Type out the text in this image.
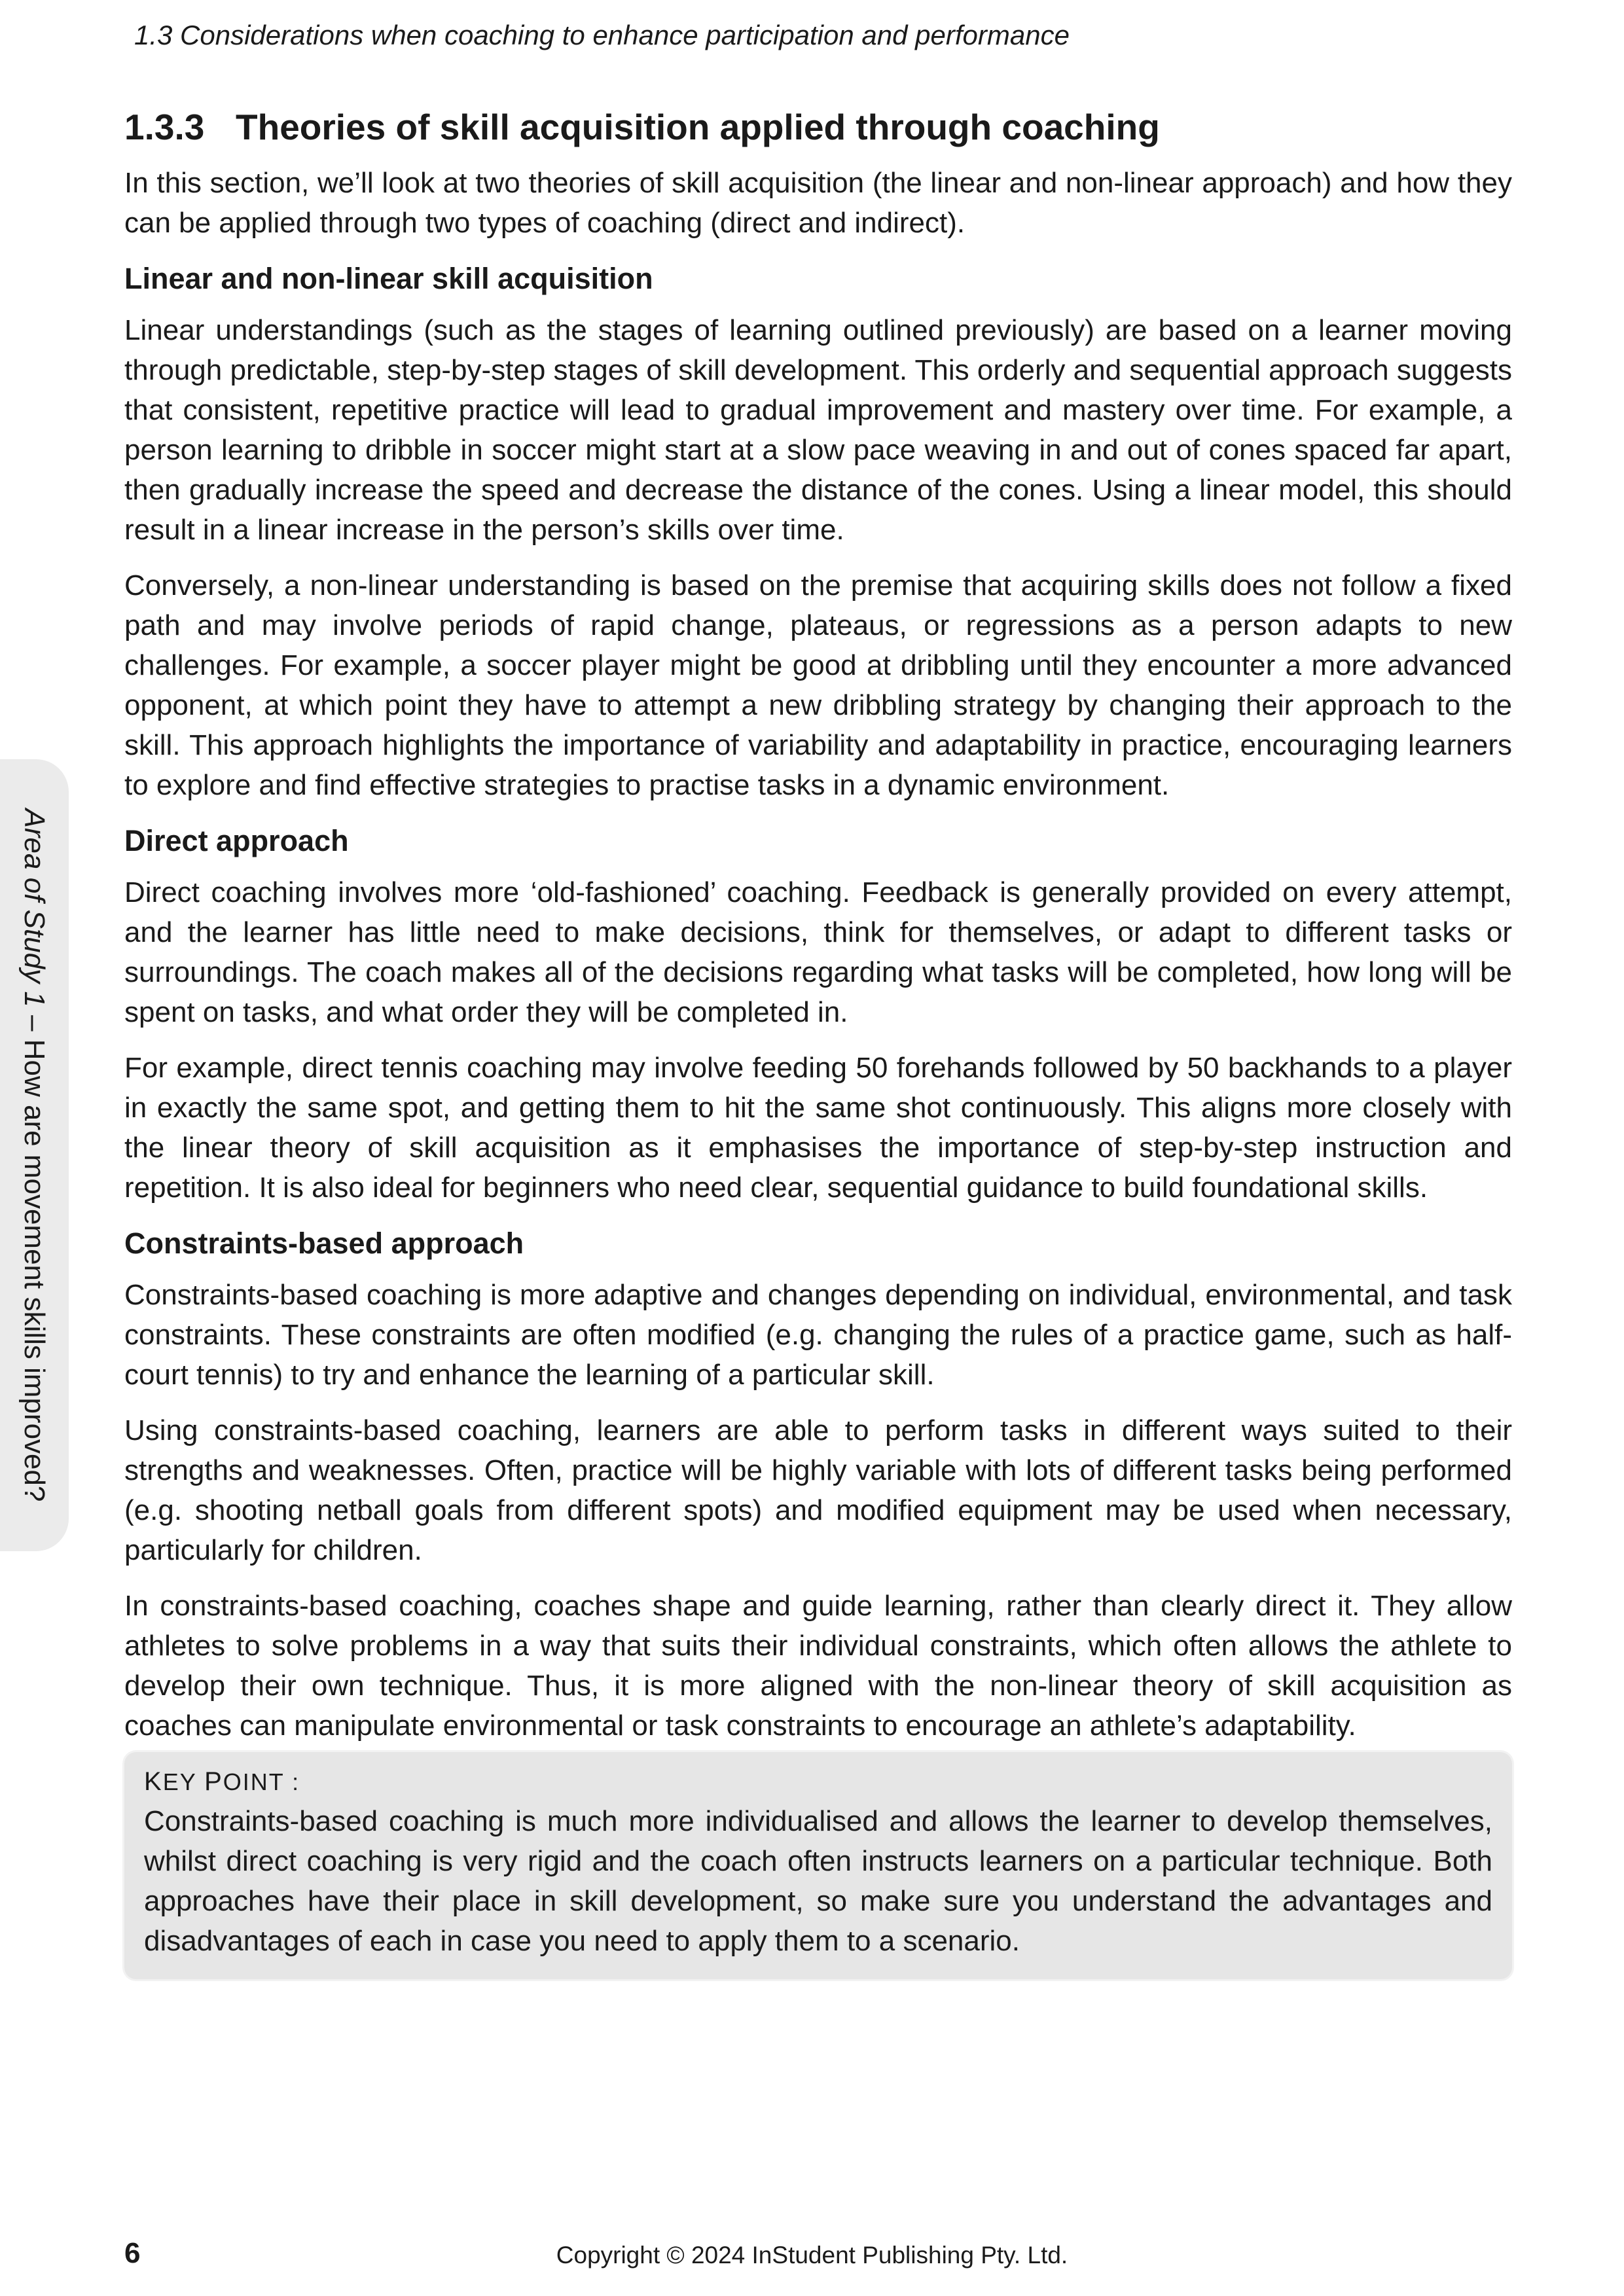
1.3 Considerations when coaching to enhance participation and performance
Area of Study 1 – How are movement skills improved?
1.3.3 Theories of skill acquisition applied through coaching

In this section, we’ll look at two theories of skill acquisition (the linear and non-linear approach) and how they can be applied through two types of coaching (direct and indirect).

Linear and non-linear skill acquisition

Linear understandings (such as the stages of learning outlined previously) are based on a learner moving through predictable, step-by-step stages of skill development. This orderly and sequential approach suggests that consistent, repetitive practice will lead to gradual improvement and mastery over time. For example, a person learning to dribble in soccer might start at a slow pace weaving in and out of cones spaced far apart, then gradually increase the speed and decrease the distance of the cones. Using a linear model, this should result in a linear increase in the person’s skills over time.

Conversely, a non-linear understanding is based on the premise that acquiring skills does not follow a fixed path and may involve periods of rapid change, plateaus, or regressions as a person adapts to new challenges. For example, a soccer player might be good at dribbling until they encounter a more advanced opponent, at which point they have to attempt a new dribbling strategy by changing their approach to the skill. This approach highlights the importance of variability and adaptability in practice, encouraging learners to explore and find effective strategies to practise tasks in a dynamic environment.

Direct approach

Direct coaching involves more ‘old-fashioned’ coaching. Feedback is generally provided on every attempt, and the learner has little need to make decisions, think for themselves, or adapt to different tasks or surroundings. The coach makes all of the decisions regarding what tasks will be completed, how long will be spent on tasks, and what order they will be completed in.

For example, direct tennis coaching may involve feeding 50 forehands followed by 50 backhands to a player in exactly the same spot, and getting them to hit the same shot continuously. This aligns more closely with the linear theory of skill acquisition as it emphasises the importance of step-by-step instruction and repetition. It is also ideal for beginners who need clear, sequential guidance to build foundational skills.

Constraints-based approach

Constraints-based coaching is more adaptive and changes depending on individual, environmental, and task constraints. These constraints are often modified (e.g. changing the rules of a practice game, such as half-court tennis) to try and enhance the learning of a particular skill.

Using constraints-based coaching, learners are able to perform tasks in different ways suited to their strengths and weaknesses. Often, practice will be highly variable with lots of different tasks being performed (e.g. shooting netball goals from different spots) and modified equipment may be used when necessary, particularly for children.

In constraints-based coaching, coaches shape and guide learning, rather than clearly direct it. They allow athletes to solve problems in a way that suits their individual constraints, which often allows the athlete to develop their own technique. Thus, it is more aligned with the non-linear theory of skill acquisition as coaches can manipulate environmental or task constraints to encourage an athlete’s adaptability.

KEY POINT :

Constraints-based coaching is much more individualised and allows the learner to develop themselves, whilst direct coaching is very rigid and the coach often instructs learners on a particular technique. Both approaches have their place in skill development, so make sure you understand the advantages and disadvantages of each in case you need to apply them to a scenario.

6	Copyright © 2024 InStudent Publishing Pty. Ltd.
